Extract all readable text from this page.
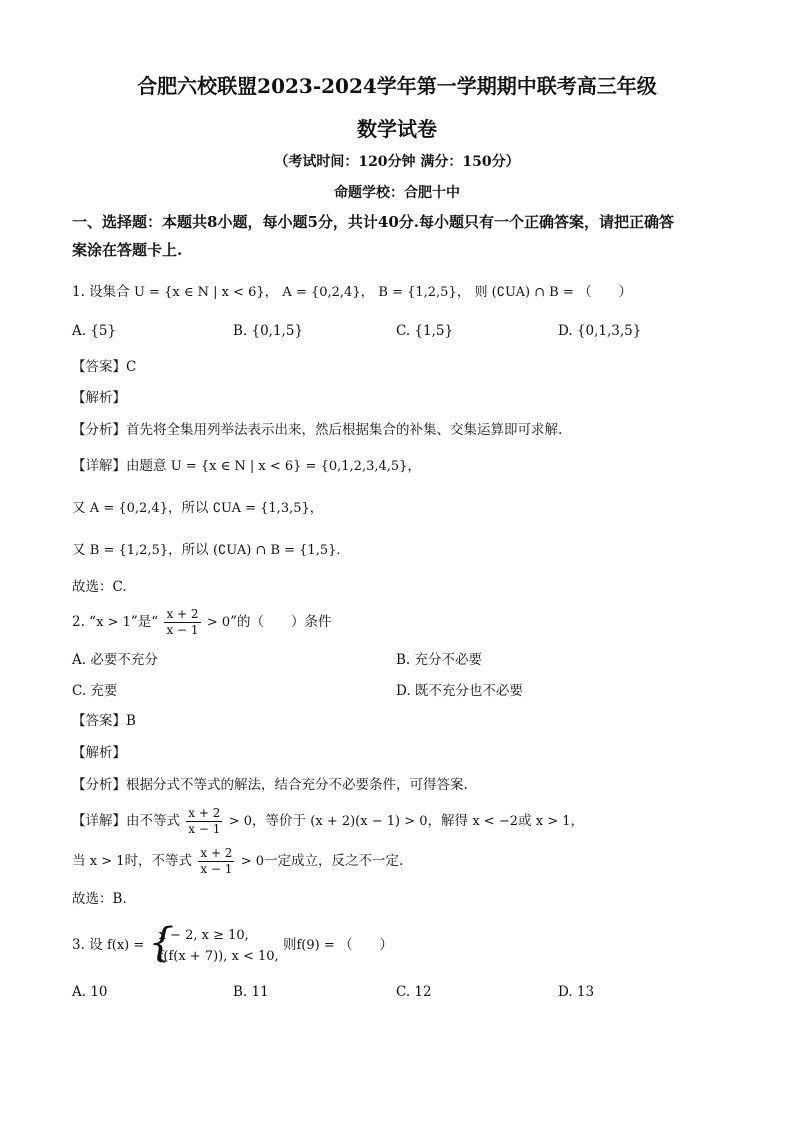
合肥六校联盟2023-2024学年第一学期期中联考高三年级
数学试卷
（考试时间：120分钟 满分：150分）
命题学校：合肥十中
一、选择题：本题共8小题，每小题5分，共计40分.每小题只有一个正确答案，请把正确答
案涂在答题卡上.
1. 设集合 U = {x ∈ N | x < 6}， A = {0,2,4}， B = {1,2,5}， 则 (∁UA) ∩ B = （　　）
A. {5}	B. {0,1,5}	C. {1,5}	D. {0,1,3,5}
【答案】C
【解析】
【分析】首先将全集用列举法表示出来，然后根据集合的补集、交集运算即可求解.
【详解】由题意 U = {x ∈ N | x < 6} = {0,1,2,3,4,5}，
又 A = {0,2,4}，所以 ∁UA = {1,3,5}，
又 B = {1,2,5}，所以 (∁UA) ∩ B = {1,5}.
故选：C.
2. “x > 1”是“ $\frac{x + 2}{x - 1} > 0$”的（　　）条件
A. 必要不充分	B. 充分不必要
C. 充要	D. 既不充分也不必要
【答案】B
【解析】
【分析】根据分式不等式的解法，结合充分不必要条件，可得答案.
【详解】由不等式 $\frac{x + 2}{x - 1} > 0$，等价于 (x + 2)(x − 1) > 0，解得 x < −2或 x > 1，
当 x > 1时，不等式 $\frac{x + 2}{x - 1} > 0$一定成立，反之不一定.
故选：B.
3. 设 f(x) = {
x − 2, x ≥ 10,
f(f(x + 7)), x < 10,
则f(9) = （　　）
A. 10	B. 11	C. 12	D. 13
